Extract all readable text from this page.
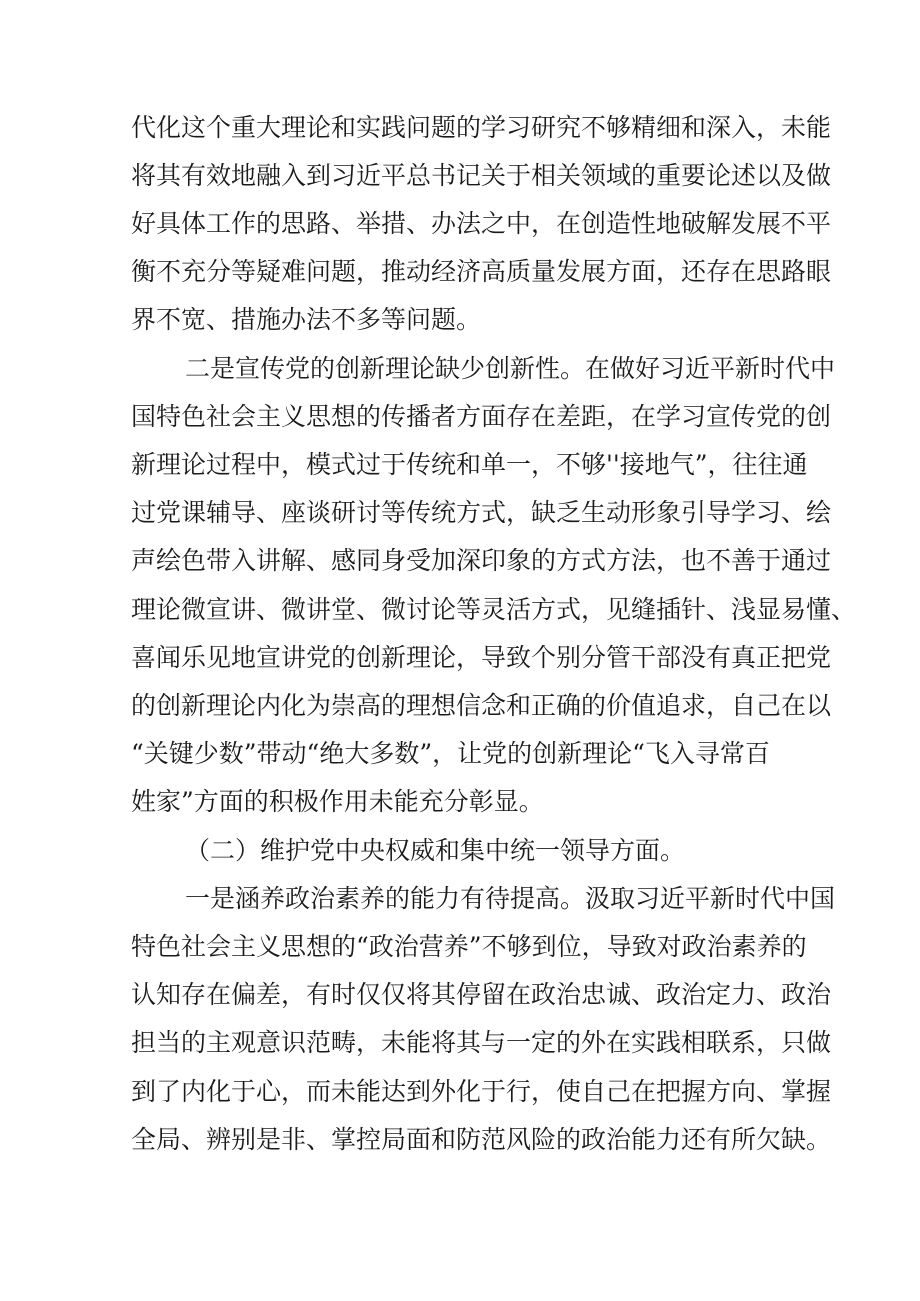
代化这个重大理论和实践问题的学习研究不够精细和深入，未能
将其有效地融入到习近平总书记关于相关领域的重要论述以及做
好具体工作的思路、举措、办法之中，在创造性地破解发展不平
衡不充分等疑难问题，推动经济高质量发展方面，还存在思路眼
界不宽、措施办法不多等问题。
二是宣传党的创新理论缺少创新性。在做好习近平新时代中
国特色社会主义思想的传播者方面存在差距，在学习宣传党的创
新理论过程中，模式过于传统和单一，不够''接地气”，往往通
过党课辅导、座谈研讨等传统方式，缺乏生动形象引导学习、绘
声绘色带入讲解、感同身受加深印象的方式方法，也不善于通过
理论微宣讲、微讲堂、微讨论等灵活方式，见缝插针、浅显易懂、
喜闻乐见地宣讲党的创新理论，导致个别分管干部没有真正把党
的创新理论内化为崇高的理想信念和正确的价值追求，自己在以
“关键少数”带动“绝大多数”，让党的创新理论“飞入寻常百
姓家”方面的积极作用未能充分彰显。
（二）维护党中央权威和集中统一领导方面。
一是涵养政治素养的能力有待提高。汲取习近平新时代中国
特色社会主义思想的“政治营养”不够到位，导致对政治素养的
认知存在偏差，有时仅仅将其停留在政治忠诚、政治定力、政治
担当的主观意识范畴，未能将其与一定的外在实践相联系，只做
到了内化于心，而未能达到外化于行，使自己在把握方向、掌握
全局、辨别是非、掌控局面和防范风险的政治能力还有所欠缺。
